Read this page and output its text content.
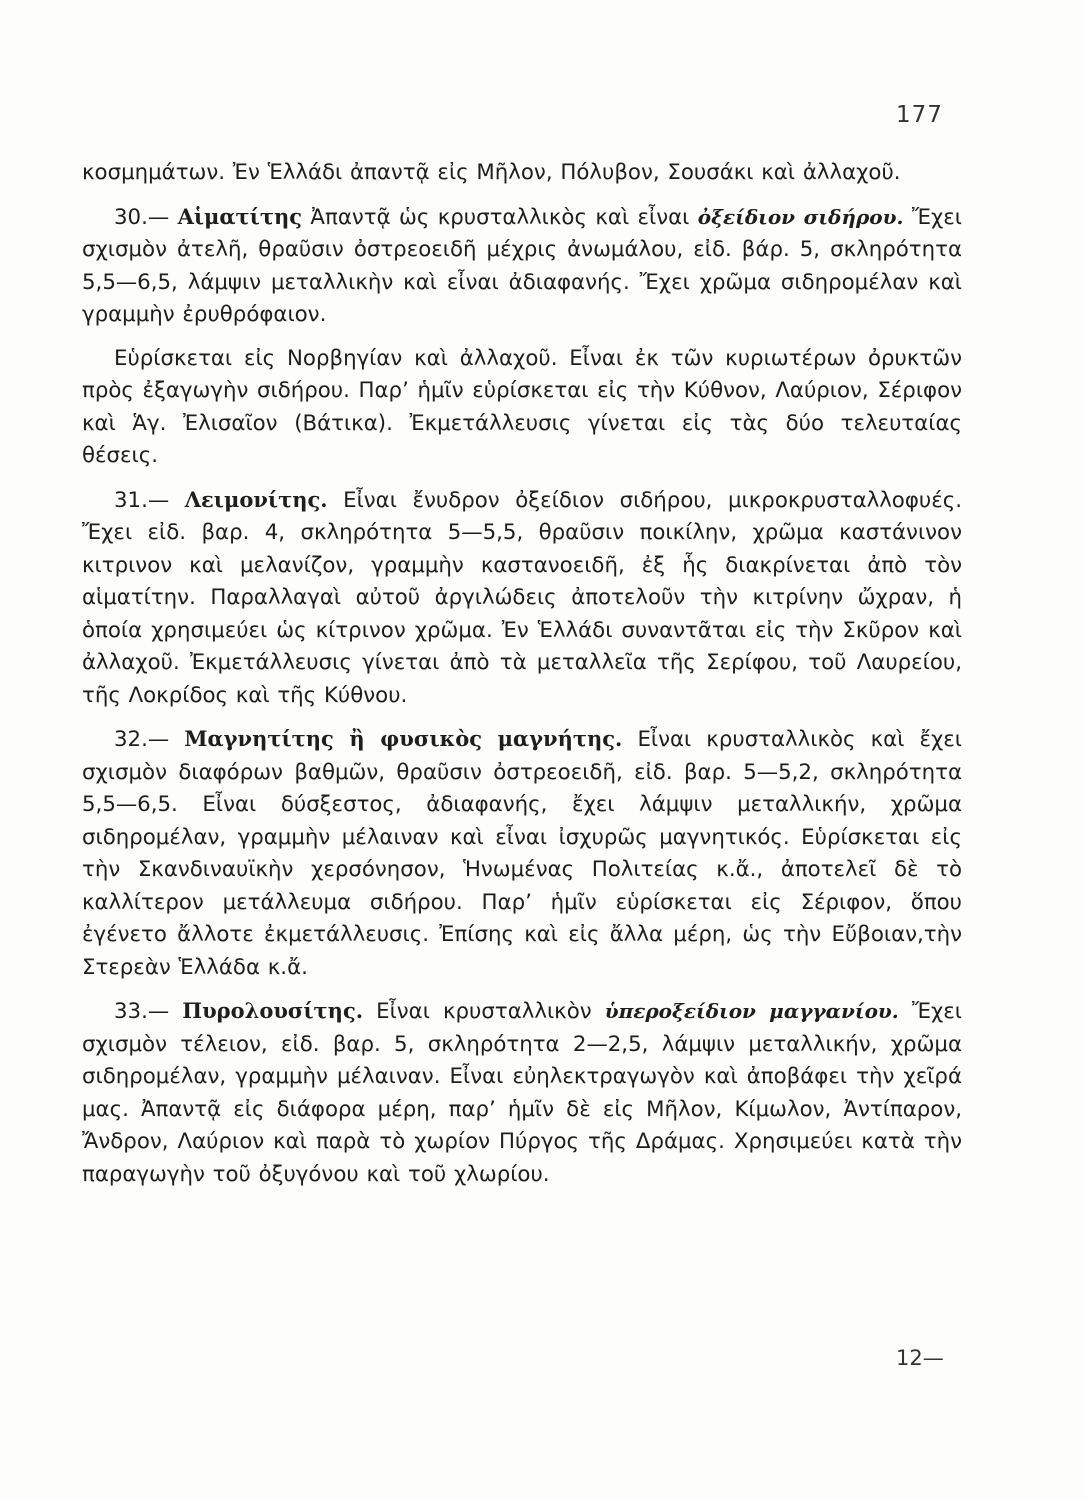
177

κοσμημάτων. Ἐν Ἑλλάδι ἀπαντᾷ εἰς Μῆλον, Πόλυβον, Σουσάκι καὶ ἀλλαχοῦ.

30.— Αἱματίτης Ἀπαντᾷ ὡς κρυσταλλικὸς καὶ εἶναι ὀξείδιον σιδήρου. Ἔχει σχισμὸν ἀτελῆ, θραῦσιν ὀστρεοειδῆ μέχρις ἀνωμάλου, εἰδ. βάρ. 5, σκληρότητα 5,5—6,5, λάμψιν μεταλλικὴν καὶ εἶναι ἀδιαφανής. Ἔχει χρῶμα σιδηρομέλαν καὶ γραμμὴν ἐρυθρόφαιον.

Εὑρίσκεται εἰς Νορβηγίαν καὶ ἀλλαχοῦ. Εἶναι ἐκ τῶν κυριωτέρων ὀρυκτῶν πρὸς ἐξαγωγὴν σιδήρου. Παρ’ ἡμῖν εὑρίσκεται εἰς τὴν Κύθνον, Λαύριον, Σέριφον καὶ Ἁγ. Ἐλισαῖον (Βάτικα). Ἐκμετάλλευσις γίνεται εἰς τὰς δύο τελευταίας θέσεις.

31.— Λειμονίτης. Εἶναι ἔνυδρον ὀξείδιον σιδήρου, μικροκρυσταλλοφυές. Ἔχει εἰδ. βαρ. 4, σκληρότητα 5—5,5, θραῦσιν ποικίλην, χρῶμα καστάνινον κιτρινον καὶ μελανίζον, γραμμὴν καστανοειδῆ, ἐξ ἧς διακρίνεται ἀπὸ τὸν αἱματίτην. Παραλλαγαὶ αὐτοῦ ἀργιλώδεις ἀποτελοῦν τὴν κιτρίνην ὤχραν, ἡ ὁποία χρησιμεύει ὡς κίτρινον χρῶμα. Ἐν Ἑλλάδι συναντᾶται εἰς τὴν Σκῦρον καὶ ἀλλαχοῦ. Ἐκμετάλλευσις γίνεται ἀπὸ τὰ μεταλλεῖα τῆς Σερίφου, τοῦ Λαυρείου, τῆς Λοκρίδος καὶ τῆς Κύθνου.

32.— Μαγνητίτης ἢ φυσικὸς μαγνήτης. Εἶναι κρυσταλλικὸς καὶ ἔχει σχισμὸν διαφόρων βαθμῶν, θραῦσιν ὀστρεοειδῆ, εἰδ. βαρ. 5—5,2, σκληρότητα 5,5—6,5. Εἶναι δύσξεστος, ἀδιαφανής, ἔχει λάμψιν μεταλλικήν, χρῶμα σιδηρομέλαν, γραμμὴν μέλαιναν καὶ εἶναι ἰσχυρῶς μαγνητικός. Εὑρίσκεται εἰς τὴν Σκανδιναυϊκὴν χερσόνησον, Ἡνωμένας Πολιτείας κ.ἄ., ἀποτελεῖ δὲ τὸ καλλίτερον μετάλλευμα σιδήρου. Παρ’ ἡμῖν εὑρίσκεται εἰς Σέριφον, ὅπου ἐγένετο ἄλλοτε ἐκμετάλλευσις. Ἐπίσης καὶ εἰς ἄλλα μέρη, ὡς τὴν Εὔβοιαν,τὴν Στερεὰν Ἑλλάδα κ.ἄ.

33.— Πυρολουσίτης. Εἶναι κρυσταλλικὸν ὑπεροξείδιον μαγγανίου. Ἔχει σχισμὸν τέλειον, εἰδ. βαρ. 5, σκληρότητα 2—2,5, λάμψιν μεταλλικήν, χρῶμα σιδηρομέλαν, γραμμὴν μέλαιναν. Εἶναι εὐηλεκτραγωγὸν καὶ ἀποβάφει τὴν χεῖρά μας. Ἀπαντᾷ εἰς διάφορα μέρη, παρ’ ἡμῖν δὲ εἰς Μῆλον, Κίμωλον, Ἀντίπαρον, Ἄνδρον, Λαύριον καὶ παρὰ τὸ χωρίον Πύργος τῆς Δράμας. Χρησιμεύει κατὰ τὴν παραγωγὴν τοῦ ὀξυγόνου καὶ τοῦ χλωρίου.

12—
